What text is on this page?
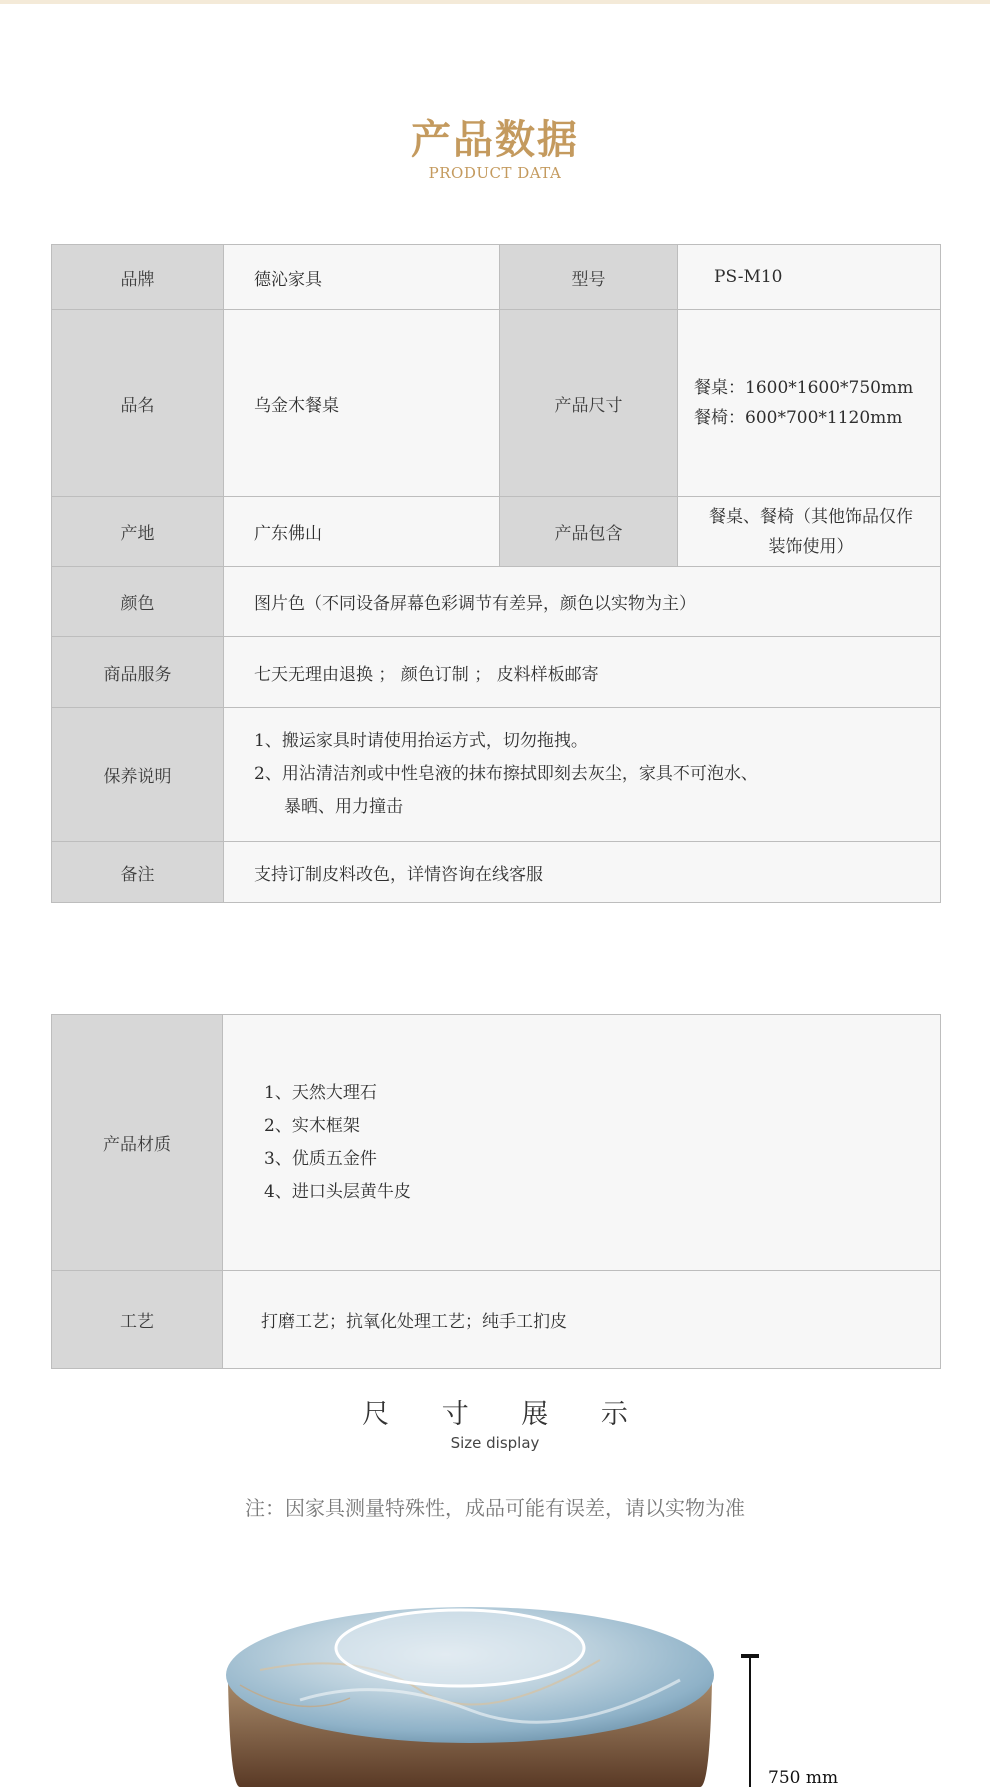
产品数据
PRODUCT DATA
品牌	德沁家具	型号	PS-M10
品名	乌金木餐桌	产品尺寸	餐桌：1600*1600*750mm
餐椅：600*700*1120mm

产地	广东佛山	产品包含	餐桌、餐椅（其他饰品仅作
装饰使用）

颜色	图片色（不同设备屏幕色彩调节有差异，颜色以实物为主）		
商品服务	七天无理由退换 ； 颜色订制 ； 皮料样板邮寄		
保养说明	1、搬运家具时请使用抬运方式，切勿拖拽。
2、用沾清洁剂或中性皂液的抹布擦拭即刻去灰尘，家具不可泡水、
暴晒、用力撞击		

备注	支持订制皮料改色，详情咨询在线客服		
产品材质	1、天然大理石
2、实木框架
3、优质五金件
4、进口头层黄牛皮

工艺	打磨工艺；抗氧化处理工艺；纯手工扪皮
尺 寸 展 示
Size display
注：因家具测量特殊性，成品可能有误差，请以实物为准
750 mm
